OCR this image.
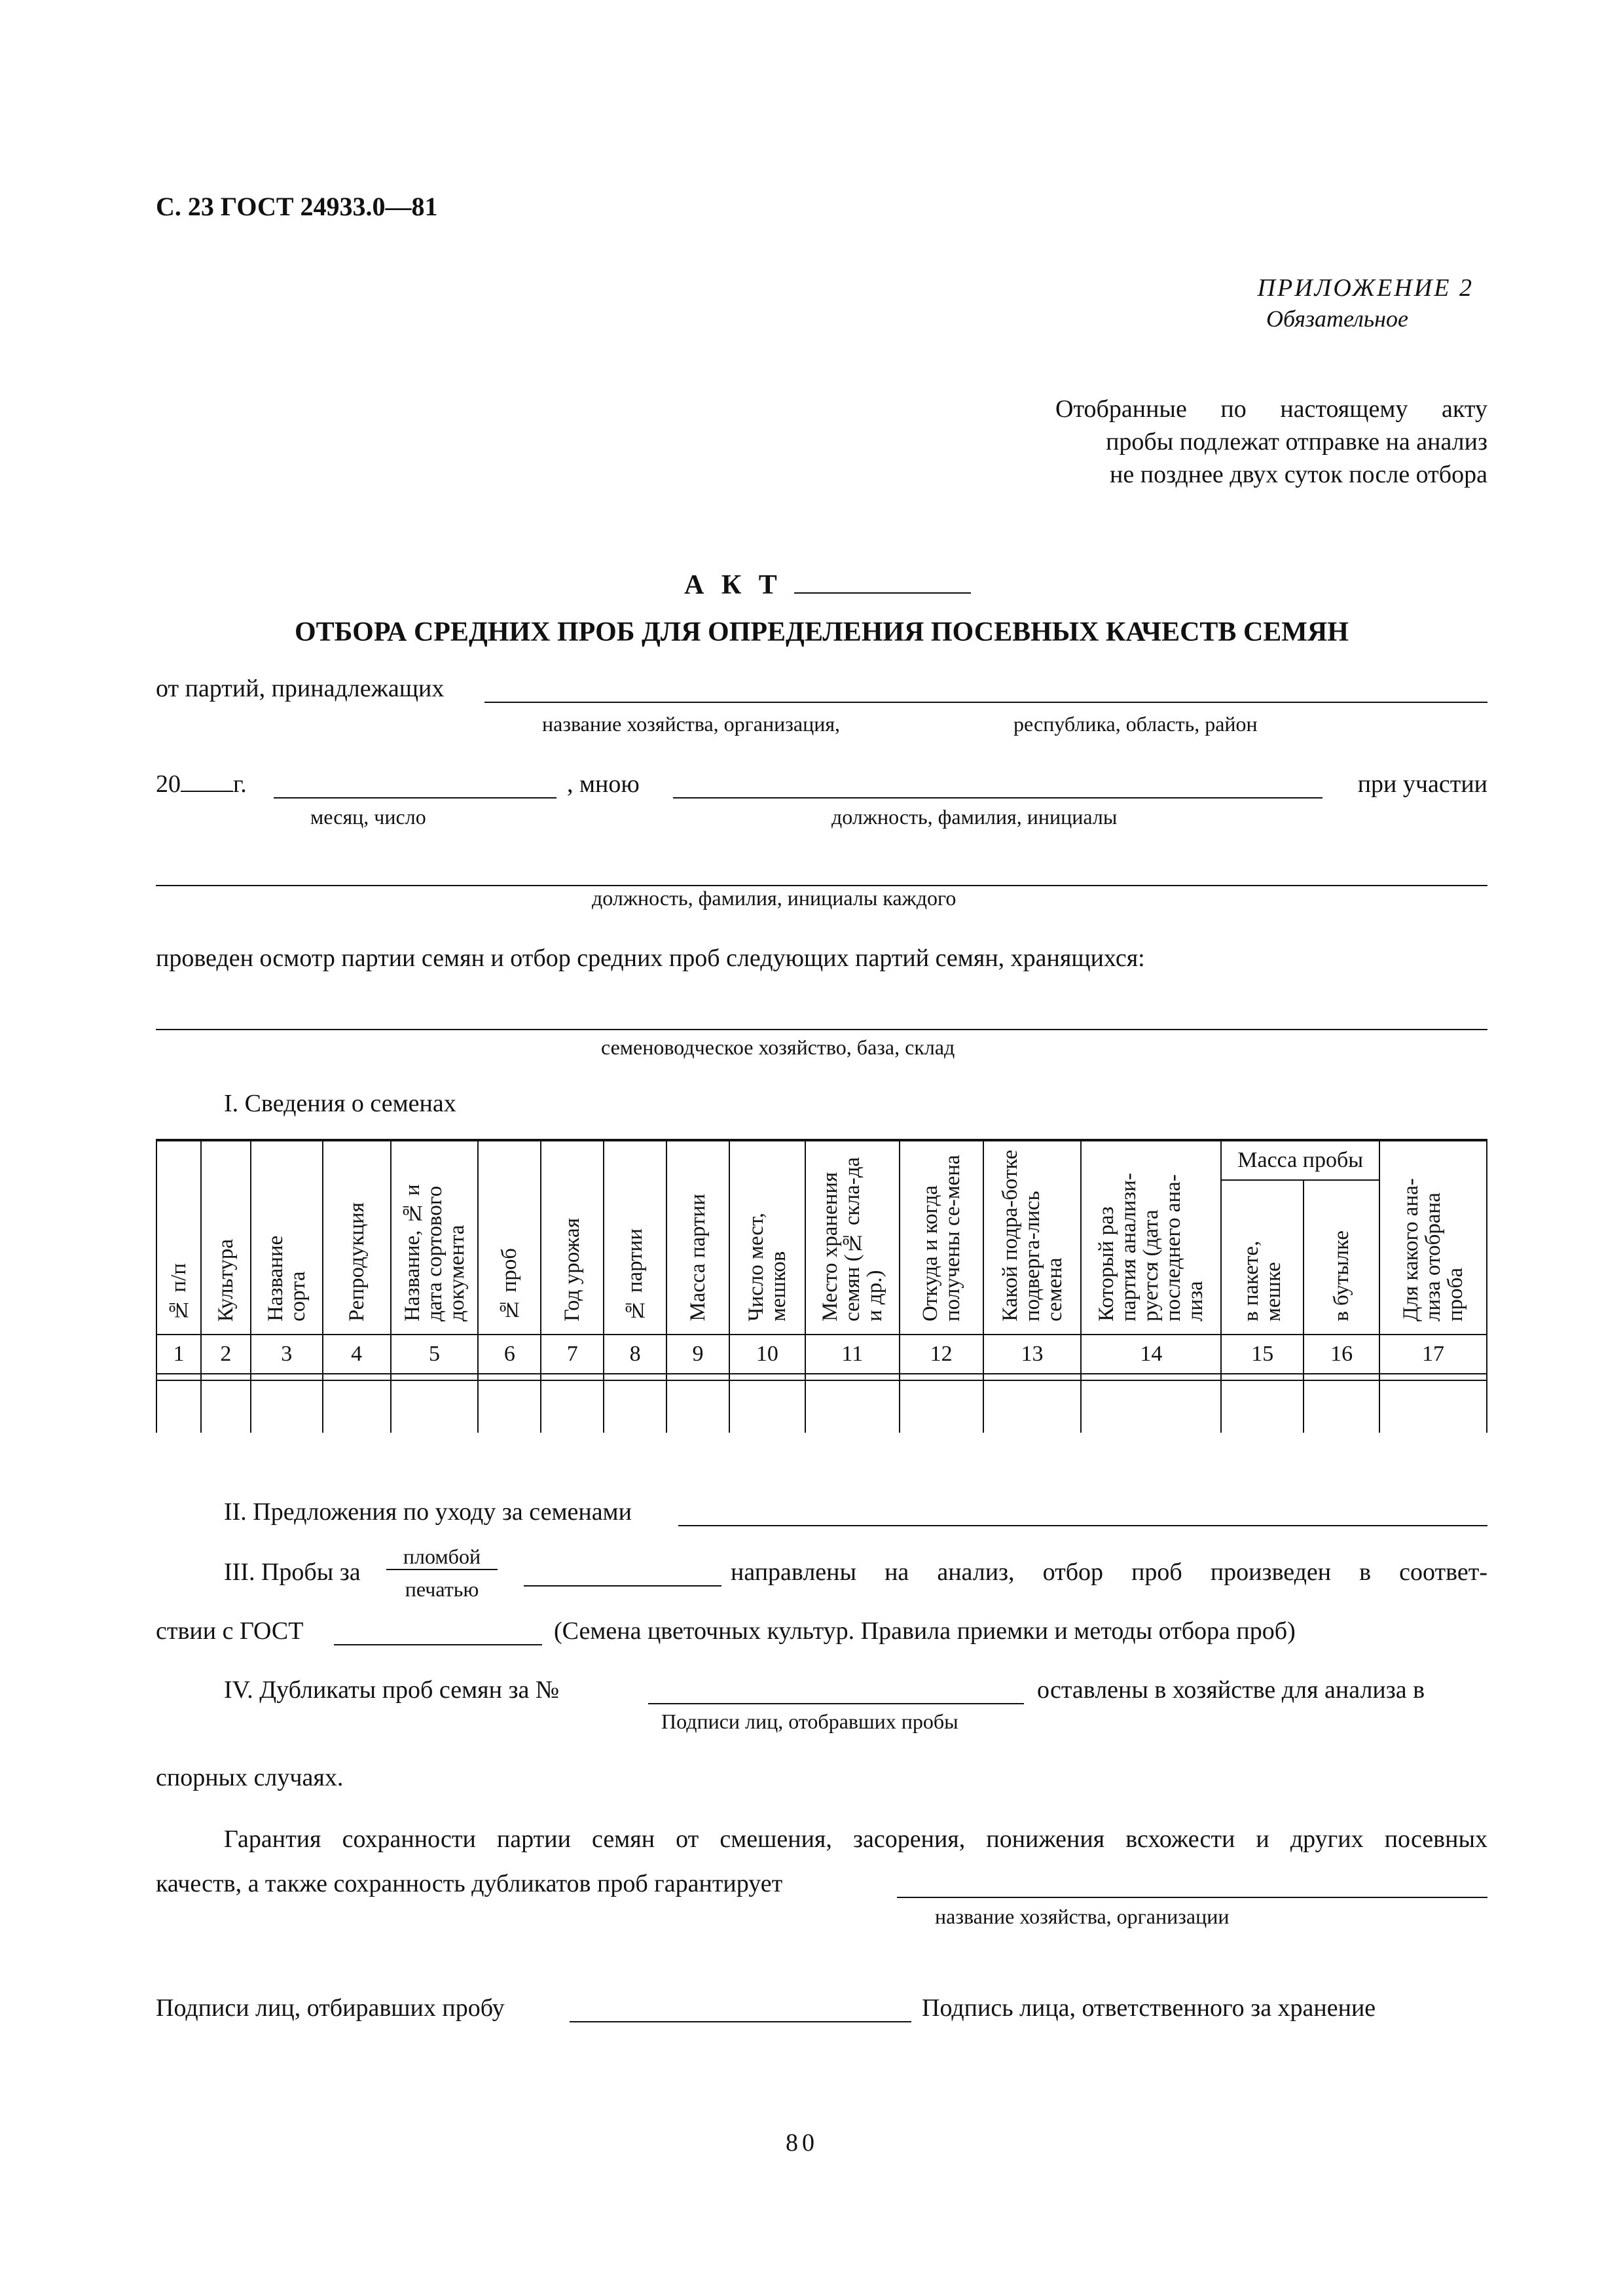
С. 23 ГОСТ 24933.0—81
ПРИЛОЖЕНИЕ 2
Обязательное
Отобранные по настоящему акту
пробы подлежат отправке на анализ
не позднее двух суток после отбора
А К Т
ОТБОРА СРЕДНИХ ПРОБ ДЛЯ ОПРЕДЕЛЕНИЯ ПОСЕВНЫХ КАЧЕСТВ СЕМЯН
от партий, принадлежащих
название хозяйства, организация,	республика, область, район
20 г.	, мною	при участии
месяц, число	должность, фамилия, инициалы
должность, фамилия, инициалы каждого
проведен осмотр партии семян и отбор средних проб следующих партий семян, хранящихся:
семеноводческое хозяйство, база, склад
I. Сведения о семенах
№ п/п	Культура	Название сорта	Репродукция	Название, № и дата сортового документа	№ проб	Год урожая	№ партии	Масса партии	Число мест, мешков	Место хранения семян (№ скла-да и др.)	Откуда и когда получены се-мена	Какой подра-ботке подверга-лись семена	Который раз партия анализи-руется (дата последнего ана-лиза	Масса пробы		Для какого ана-лиза отобрана проба
														в пакете, мешке	в бутылке	
1	2	3	4	5	6	7	8	9	10	11	12	13	14	15	16	17

II. Предложения по уходу за семенами
III. Пробы за
пломбой
печатью
направлены на анализ, отбор проб произведен в соответ-
ствии с ГОСТ	(Семена цветочных культур. Правила приемки и методы отбора проб)
IV. Дубликаты проб семян за №	оставлены в хозяйстве для анализа в
Подписи лиц, отобравших пробы
спорных случаях.
Гарантия сохранности партии семян от смешения, засорения, понижения всхожести и других посевных
качеств, а также сохранность дубликатов проб гарантирует
название хозяйства, организации
Подписи лиц, отбиравших пробу	Подпись лица, ответственного за хранение
80
